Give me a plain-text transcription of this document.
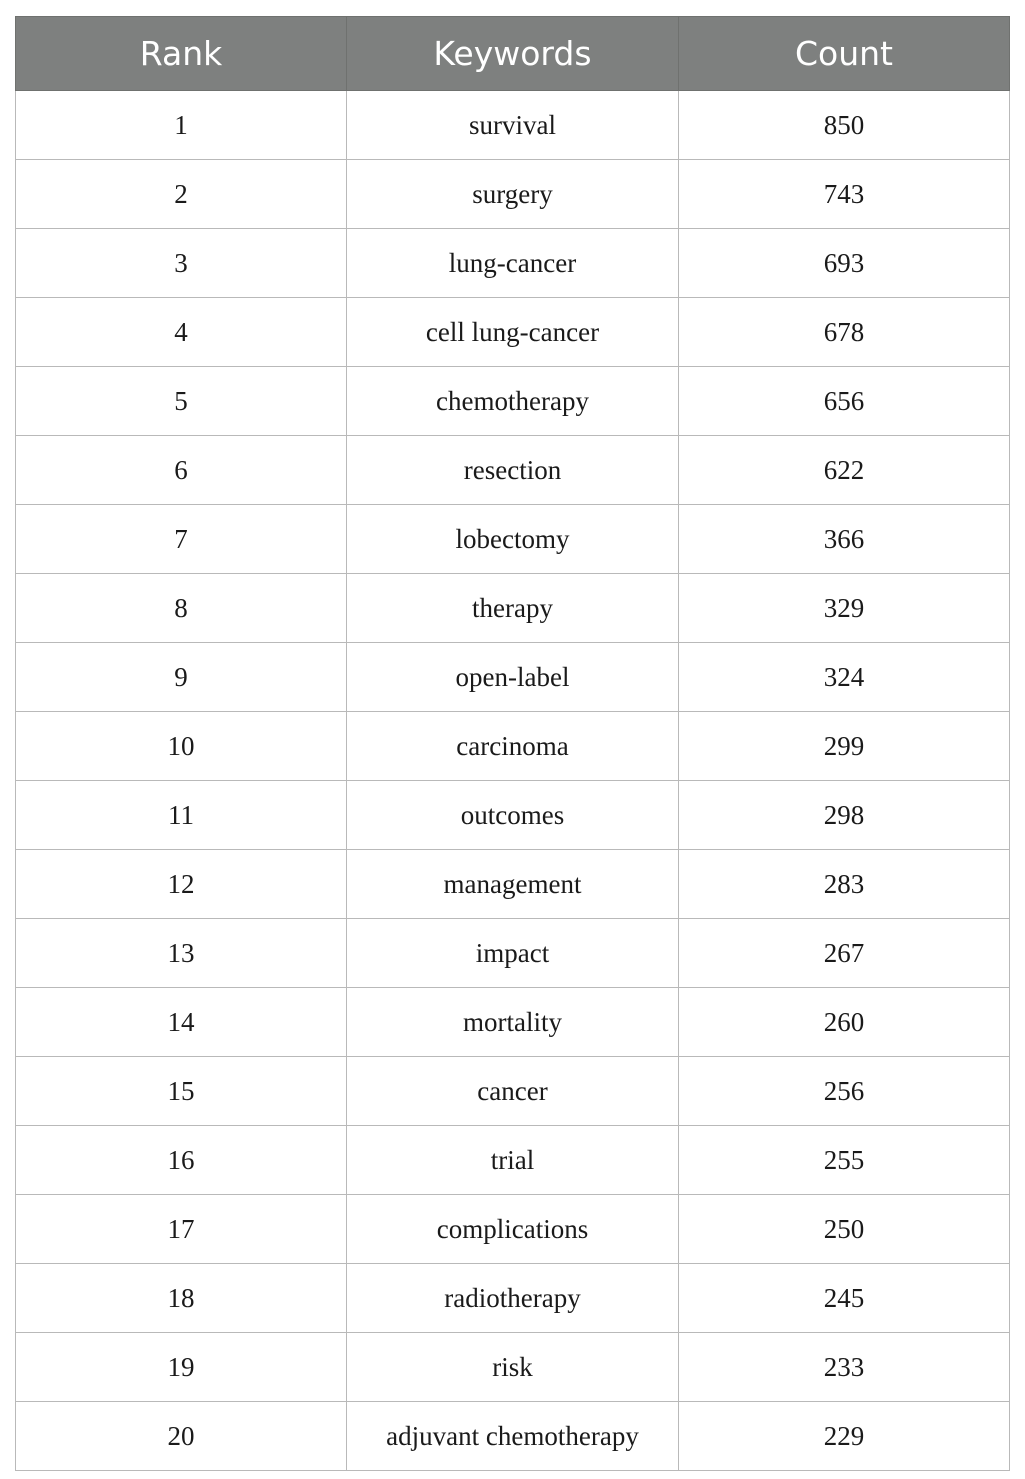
Rank	Keywords	Count
1	survival	850
2	surgery	743
3	lung-cancer	693
4	cell lung-cancer	678
5	chemotherapy	656
6	resection	622
7	lobectomy	366
8	therapy	329
9	open-label	324
10	carcinoma	299
11	outcomes	298
12	management	283
13	impact	267
14	mortality	260
15	cancer	256
16	trial	255
17	complications	250
18	radiotherapy	245
19	risk	233
20	adjuvant chemotherapy	229
